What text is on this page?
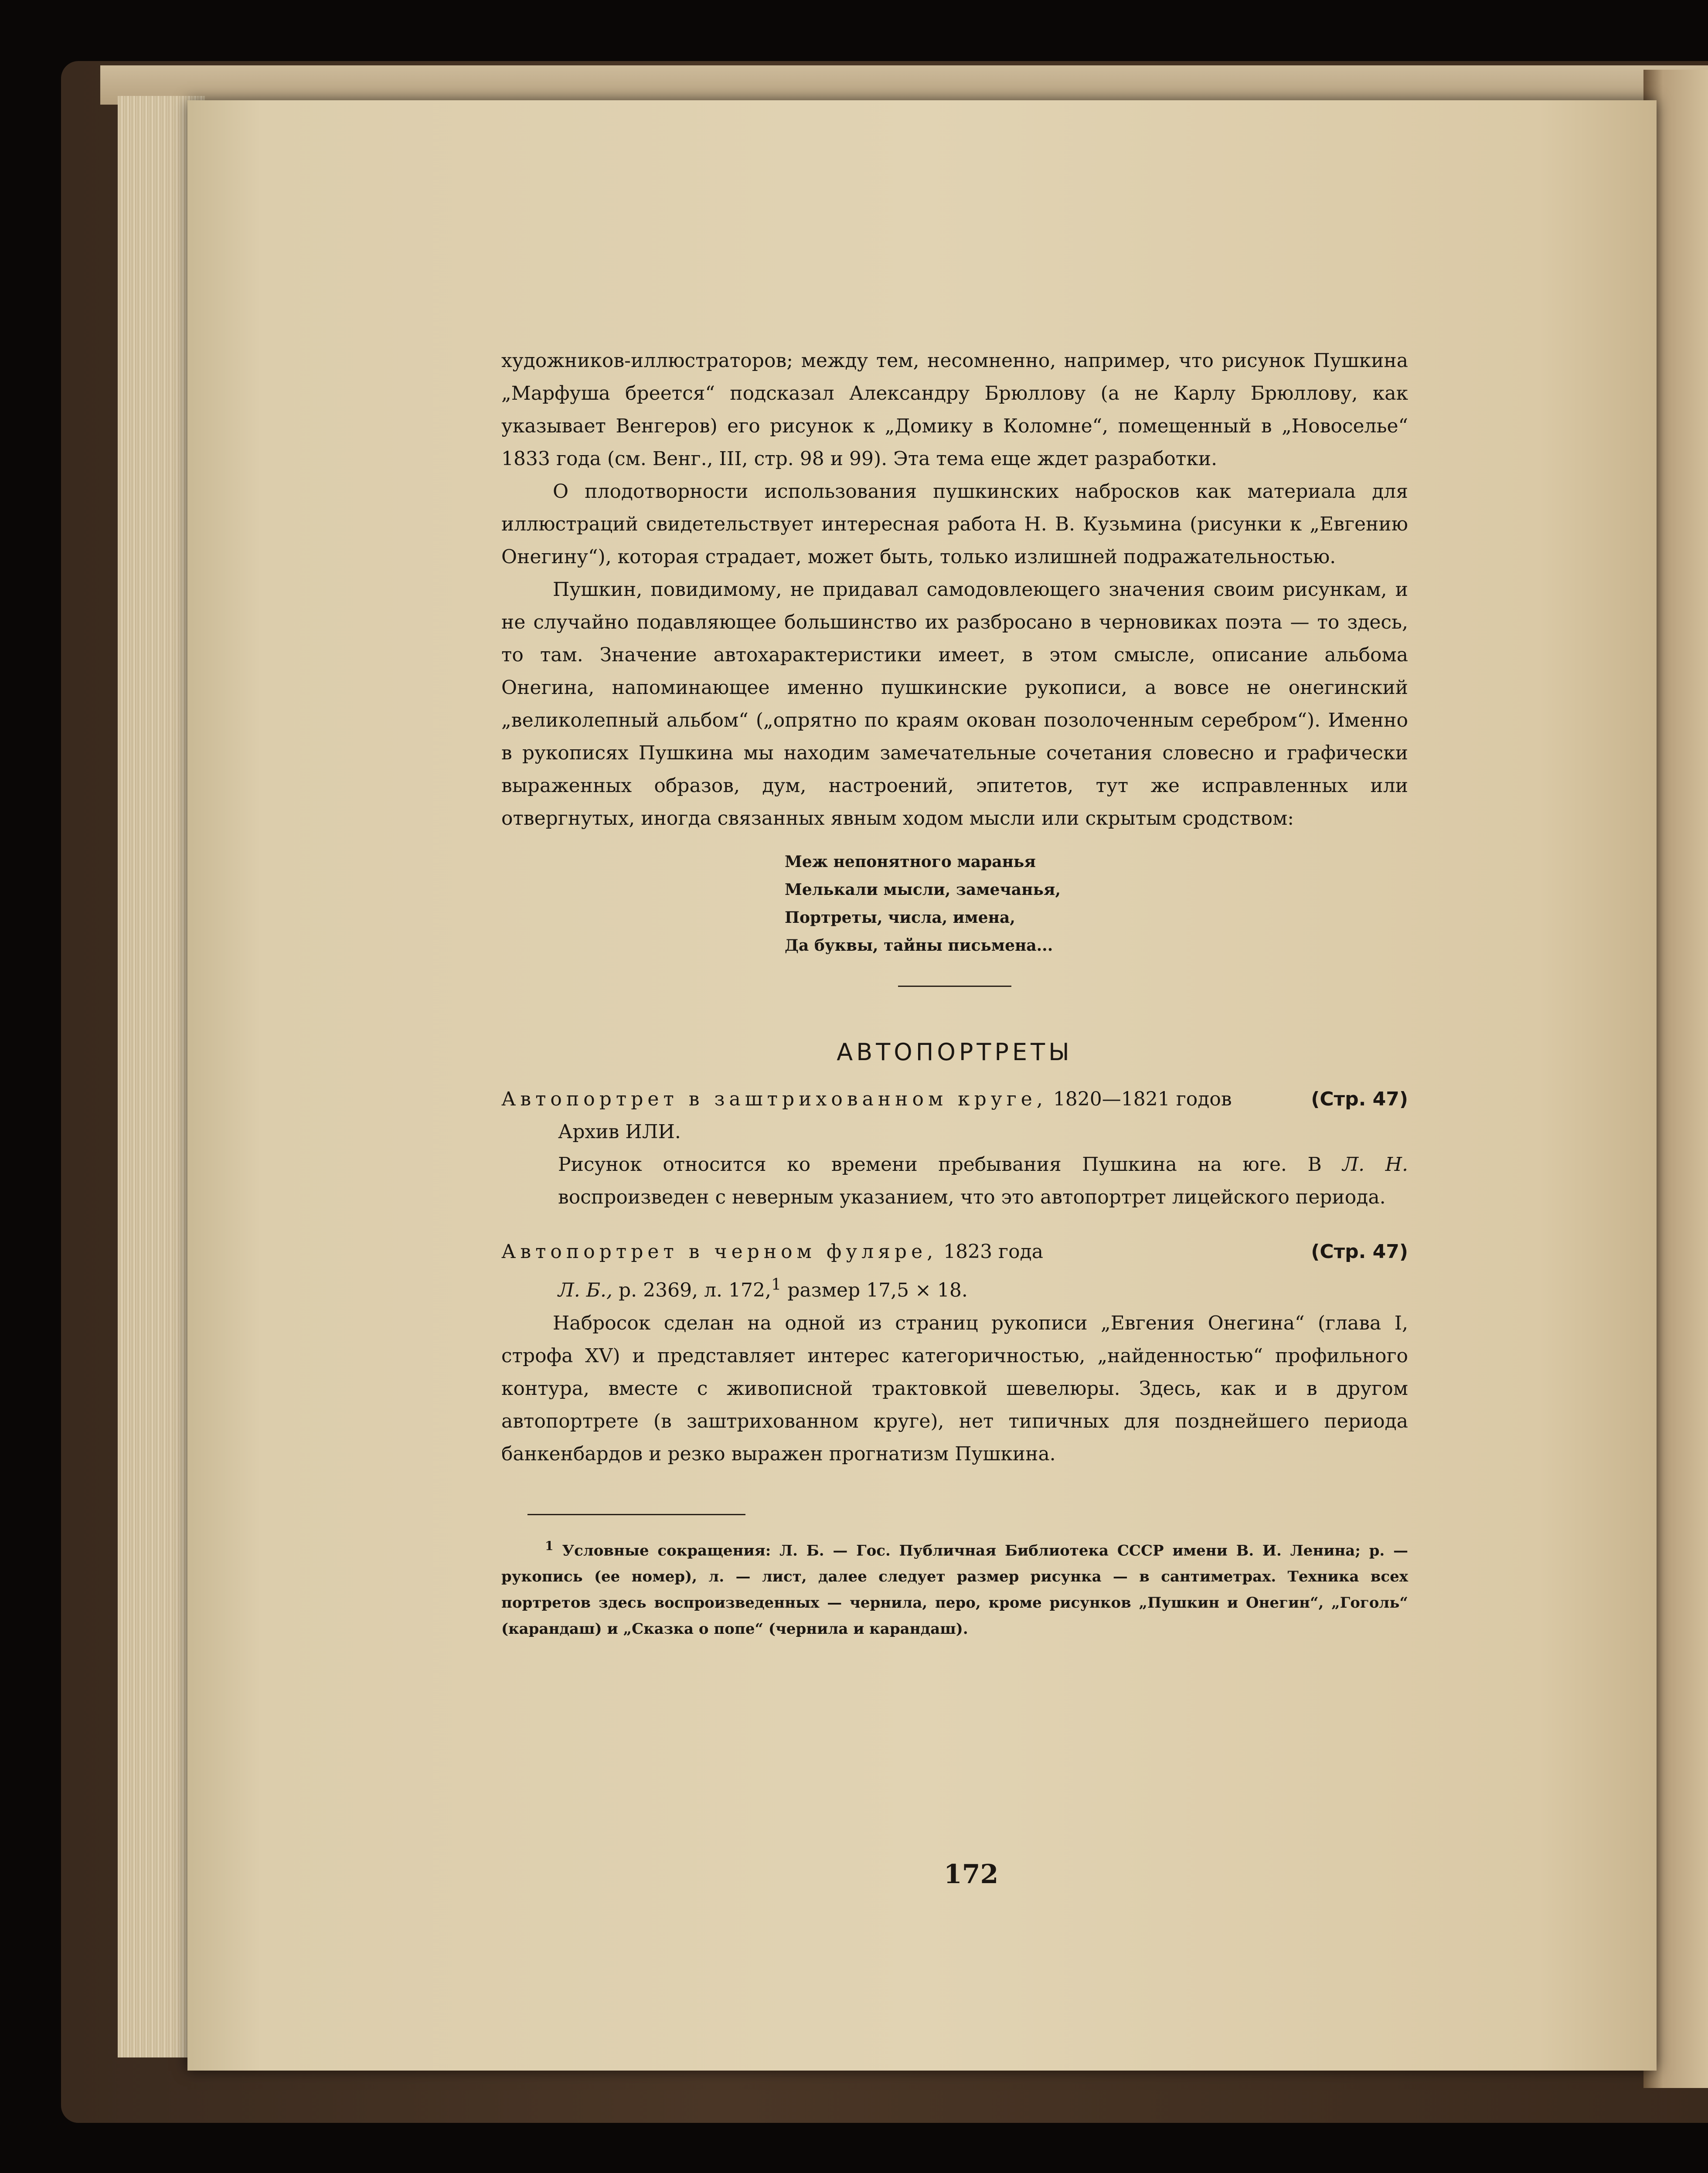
художников-иллюстраторов; между тем, несомненно, например, что рисунок Пушкина „Марфуша бреется“ подсказал Александру Брюллову (а не Карлу Брюллову, как указывает Венгеров) его рисунок к „Домику в Коломне“, помещенный в „Новоселье“ 1833 года (см. Венг., III, стр. 98 и 99). Эта тема еще ждет разработки.

О плодотворности использования пушкинских набросков как материала для иллюстраций свидетельствует интересная работа Н. В. Кузьмина (рисунки к „Евгению Онегину“), которая страдает, может быть, только излишней подражательностью.

Пушкин, повидимому, не придавал самодовлеющего значения своим рисункам, и не случайно подавляющее большинство их разбросано в черновиках поэта — то здесь, то там. Значение автохарактеристики имеет, в этом смысле, описание альбома Онегина, напоминающее именно пушкинские рукописи, а вовсе не онегинский „великолепный альбом“ („опрятно по краям окован позолоченным серебром“). Именно в рукописях Пушкина мы находим замечательные сочетания словесно и графически выраженных образов, дум, настроений, эпитетов, тут же исправленных или отвергнутых, иногда связанных явным ходом мысли или скрытым сродством:

Меж непонятного маранья
Мелькали мысли, замечанья,
Портреты, числа, имена,
Да буквы, тайны письмена...
АВТОПОРТРЕТЫ
Автопортрет в заштрихованном круге, 1820—1821 годов	(Стр. 47)

Архив ИЛИ.

Рисунок относится ко времени пребывания Пушкина на юге. В Л. Н. воспроизведен с неверным указанием, что это автопортрет лицейского периода.

Автопортрет в черном фуляре, 1823 года	(Стр. 47)

Л. Б., р. 2369, л. 172,$^1$ размер 17,5 × 18.

Набросок сделан на одной из страниц рукописи „Евгения Онегина“ (глава I, строфа XV) и представляет интерес категоричностью, „найденностью“ профильного контура, вместе с живописной трактовкой шевелюры. Здесь, как и в другом автопортрете (в заштрихованном круге), нет типичных для позднейшего периода банкенбардов и резко выражен прогнатизм Пушкина.

$^1$ Условные сокращения: Л. Б. — Гос. Публичная Библиотека СССР имени В. И. Ленина; р. — рукопись (ее номер), л. — лист, далее следует размер рисунка — в сантиметрах. Техника всех портретов здесь воспроизведенных — чернила, перо, кроме рисунков „Пушкин и Онегин“, „Гоголь“ (карандаш) и „Сказка о попе“ (чернила и карандаш).

172
